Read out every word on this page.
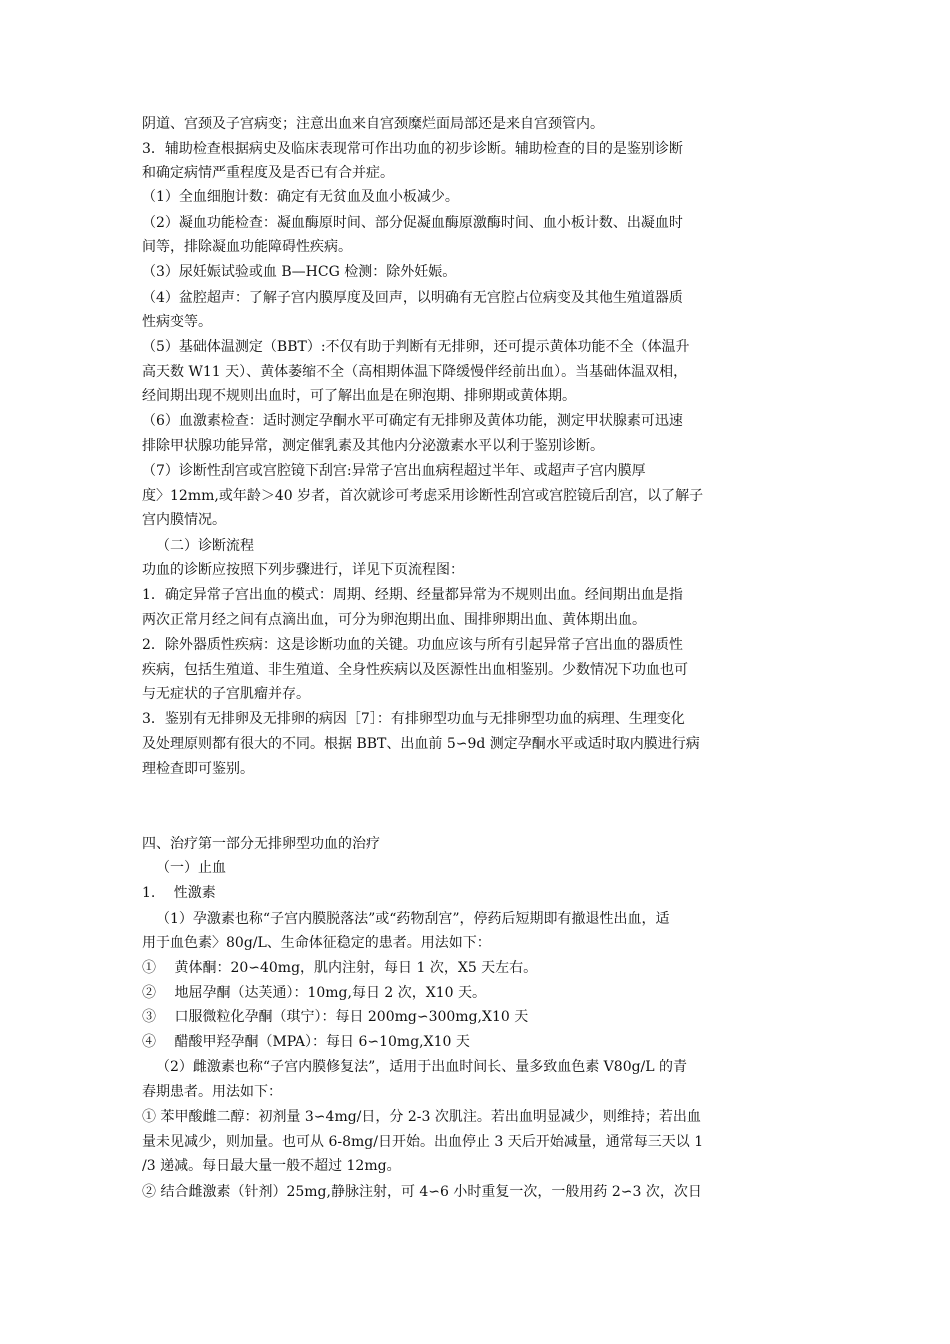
阴道、宫颈及子宫病变；注意出血来自宫颈糜烂面局部还是来自宫颈管内。
3．辅助检查根据病史及临床表现常可作出功血的初步诊断。辅助检查的目的是鉴别诊断
和确定病情严重程度及是否已有合并症。
（1）全血细胞计数：确定有无贫血及血小板减少。
（2）凝血功能检查：凝血酶原时间、部分促凝血酶原激酶时间、血小板计数、出凝血时
间等，排除凝血功能障碍性疾病。
（3）尿妊娠试验或血 B—HCG 检测：除外妊娠。
（4）盆腔超声：了解子宫内膜厚度及回声，以明确有无宫腔占位病变及其他生殖道器质
性病变等。
（5）基础体温测定（BBT）:不仅有助于判断有无排卵，还可提示黄体功能不全（体温升
高天数 W11 天）、黄体萎缩不全（高相期体温下降缓慢伴经前出血）。当基础体温双相，
经间期出现不规则出血时，可了解出血是在卵泡期、排卵期或黄体期。
（6）血激素检查：适时测定孕酮水平可确定有无排卵及黄体功能，测定甲状腺素可迅速
排除甲状腺功能异常，测定催乳素及其他内分泌激素水平以利于鉴别诊断。
（7）诊断性刮宫或宫腔镜下刮宫:异常子宫出血病程超过半年、或超声子宫内膜厚
度〉12mm,或年龄＞40 岁者，首次就诊可考虑采用诊断性刮宫或宫腔镜后刮宫，以了解子
宫内膜情况。
（二）诊断流程
功血的诊断应按照下列步骤进行，详见下页流程图：
1．确定异常子宫出血的模式：周期、经期、经量都异常为不规则出血。经间期出血是指
两次正常月经之间有点滴出血，可分为卵泡期出血、围排卵期出血、黄体期出血。
2．除外器质性疾病：这是诊断功血的关键。功血应该与所有引起异常子宫出血的器质性
疾病，包括生殖道、非生殖道、全身性疾病以及医源性出血相鉴别。少数情况下功血也可
与无症状的子宫肌瘤并存。
3．鉴别有无排卵及无排卵的病因［7］：有排卵型功血与无排卵型功血的病理、生理变化
及处理原则都有很大的不同。根据 BBT、出血前 5∽9d 测定孕酮水平或适时取内膜进行病
理检查即可鉴别。
四、治疗第一部分无排卵型功血的治疗
（一）止血
1.　 性激素
（1）孕激素也称“子宫内膜脱落法”或“药物刮宫”，停药后短期即有撤退性出血，适
用于血色素〉80g/L、生命体征稳定的患者。用法如下：
①　 黄体酮：20∽40mg，肌内注射，每日 1 次，X5 天左右。
②　 地屈孕酮（达芙通）：10mg,每日 2 次，X10 天。
③　 口服微粒化孕酮（琪宁）：每日 200mg∽300mg,X10 天
④　 醋酸甲羟孕酮（MPA）：每日 6∽10mg,X10 天
（2）雌激素也称“子宫内膜修复法”，适用于出血时间长、量多致血色素 V80g/L 的青
春期患者。用法如下：
① 苯甲酸雌二醇：初剂量 3∽4mg/日，分 2-3 次肌注。若出血明显减少，则维持；若出血
量未见减少，则加量。也可从 6-8mg/日开始。出血停止 3 天后开始减量，通常每三天以 1
/3 递减。每日最大量一般不超过 12mg。
② 结合雌激素（针剂）25mg,静脉注射，可 4∽6 小时重复一次，一般用药 2∽3 次，次日
